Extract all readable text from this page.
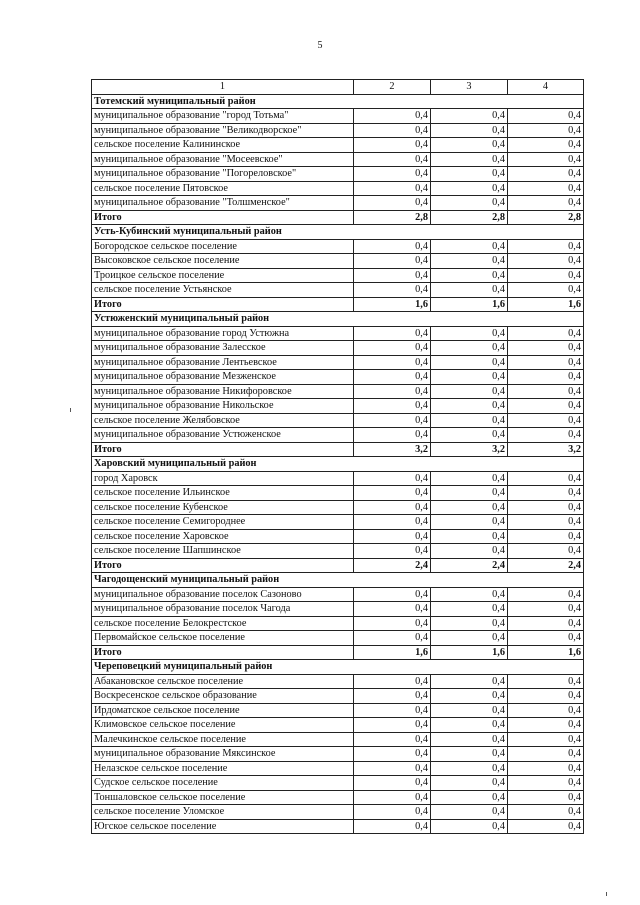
5
1	2	3	4
Тотемский муниципальный район			
муниципальное образование "город Тотьма"	0,4	0,4	0,4
муниципальное образование "Великодворское"	0,4	0,4	0,4
сельское поселение Калининское	0,4	0,4	0,4
муниципальное образование "Мосеевское"	0,4	0,4	0,4
муниципальное образование "Погореловское"	0,4	0,4	0,4
сельское поселение Пятовское	0,4	0,4	0,4
муниципальное образование "Толшменское"	0,4	0,4	0,4
Итого	2,8	2,8	2,8
Усть-Кубинский муниципальный район			
Богородское сельское поселение	0,4	0,4	0,4
Высоковское сельское поселение	0,4	0,4	0,4
Троицкое сельское поселение	0,4	0,4	0,4
сельское поселение Устьянское	0,4	0,4	0,4
Итого	1,6	1,6	1,6
Устюженский муниципальный район			
муниципальное образование город Устюжна	0,4	0,4	0,4
муниципальное образование Залесское	0,4	0,4	0,4
муниципальное образование Лентьевское	0,4	0,4	0,4
муниципальное образование Мезженское	0,4	0,4	0,4
муниципальное образование Никифоровское	0,4	0,4	0,4
муниципальное образование Никольское	0,4	0,4	0,4
сельское поселение Желябовское	0,4	0,4	0,4
муниципальное образование Устюженское	0,4	0,4	0,4
Итого	3,2	3,2	3,2
Харовский муниципальный район			
город Харовск	0,4	0,4	0,4
сельское поселение Ильинское	0,4	0,4	0,4
сельское поселение Кубенское	0,4	0,4	0,4
сельское поселение Семигороднее	0,4	0,4	0,4
сельское поселение Харовское	0,4	0,4	0,4
сельское поселение Шапшинское	0,4	0,4	0,4
Итого	2,4	2,4	2,4
Чагодощенский муниципальный район			
муниципальное образование поселок Сазоново	0,4	0,4	0,4
муниципальное образование поселок Чагода	0,4	0,4	0,4
сельское поселение Белокрестское	0,4	0,4	0,4
Первомайское сельское поселение	0,4	0,4	0,4
Итого	1,6	1,6	1,6
Череповецкий муниципальный район			
Абакановское сельское поселение	0,4	0,4	0,4
Воскресенское сельское образование	0,4	0,4	0,4
Ирдоматское сельское поселение	0,4	0,4	0,4
Климовское сельское поселение	0,4	0,4	0,4
Малечкинское сельское поселение	0,4	0,4	0,4
муниципальное образование Мяксинское	0,4	0,4	0,4
Нелазское сельское поселение	0,4	0,4	0,4
Судское сельское поселение	0,4	0,4	0,4
Тоншаловское сельское поселение	0,4	0,4	0,4
сельское поселение Уломское	0,4	0,4	0,4
Югское сельское поселение	0,4	0,4	0,4
